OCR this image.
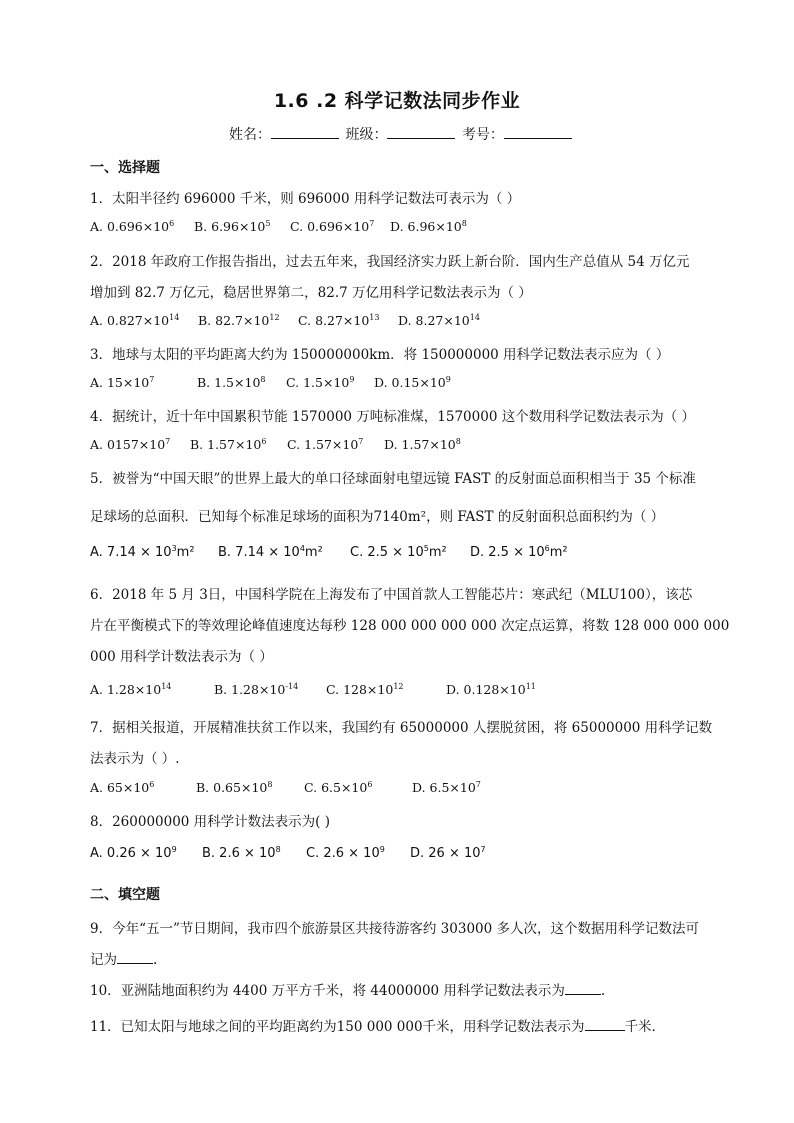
1.6 .2 科学记数法同步作业
姓名：	班级：	考号：
一、选择题
1．太阳半径约 696000 千米，则 696000 用科学记数法可表示为（ ）
A. $0.696\times 10^6$ B. $6.96\times 10^5$ C. $0.696\times 10^7$ D. $6.96\times 10^8$
2．2018 年政府工作报告指出，过去五年来，我国经济实力跃上新台阶．国内生产总值从 54 万亿元
增加到 82.7 万亿元，稳居世界第二，82.7 万亿用科学记数法表示为（ ）
A. $0.827\times 10^{14}$ B. $82.7\times 10^{12}$ C. $8.27\times 10^{13}$ D. $8.27\times 10^{14}$
3．地球与太阳的平均距离大约为 150000000km．将 150000000 用科学记数法表示应为（ ）
A. $15\times 10^7$	B. $1.5\times 10^8$ C. $1.5\times 10^9$ D. $0.15\times 10^9$
4．据统计，近十年中国累积节能 1570000 万吨标准煤，1570000 这个数用科学记数法表示为（ ）
A. $0157\times 10^7$ B. $1.57\times 10^6$ C. $1.57\times 10^7$ D. $1.57\times 10^8$
5．被誉为“中国天眼”的世界上最大的单口径球面射电望远镜 FAST 的反射面总面积相当于 35 个标准
足球场的总面积．已知每个标准足球场的面积为7140m²，则 FAST 的反射面积总面积约为（ ）
A. $7.14 \times 10^3m^2$ B. $7.14 \times 10^4m^2$ C. $2.5 \times 10^5m^2$ D. $2.5 \times 10^6m^2$
6．2018 年 5 月 3日，中国科学院在上海发布了中国首款人工智能芯片：寒武纪（MLU100），该芯
片在平衡模式下的等效理论峰值速度达每秒 128 000 000 000 000 次定点运算，将数 128 000 000 000
000 用科学计数法表示为（ ）
A. $1.28\times 10^{14}$	B. $1.28\times 10^{-14}$ C. $128\times 10^{12}$	D. $0.128\times 10^{11}$
7．据相关报道，开展精准扶贫工作以来，我国约有 65000000 人摆脱贫困，将 65000000 用科学记数
法表示为（ ）.
A. $65\times 10^6$	B. $0.65\times 10^8$	C. $6.5\times 10^6$	D. $6.5\times 10^7$
8．260000000 用科学计数法表示为( )
A. $0.26 \times 10^9$ B. $2.6 \times 10^8$ C. $2.6 \times 10^9$ D. $26 \times 10^7$
二、填空题
9．今年“五一”节日期间，我市四个旅游景区共接待游客约 303000 多人次，这个数据用科学记数法可
记为	.
10．亚洲陆地面积约为 4400 万平方千米，将 44000000 用科学记数法表示为	.
11．已知太阳与地球之间的平均距离约为150 000 000千米，用科学记数法表示为	千米．
